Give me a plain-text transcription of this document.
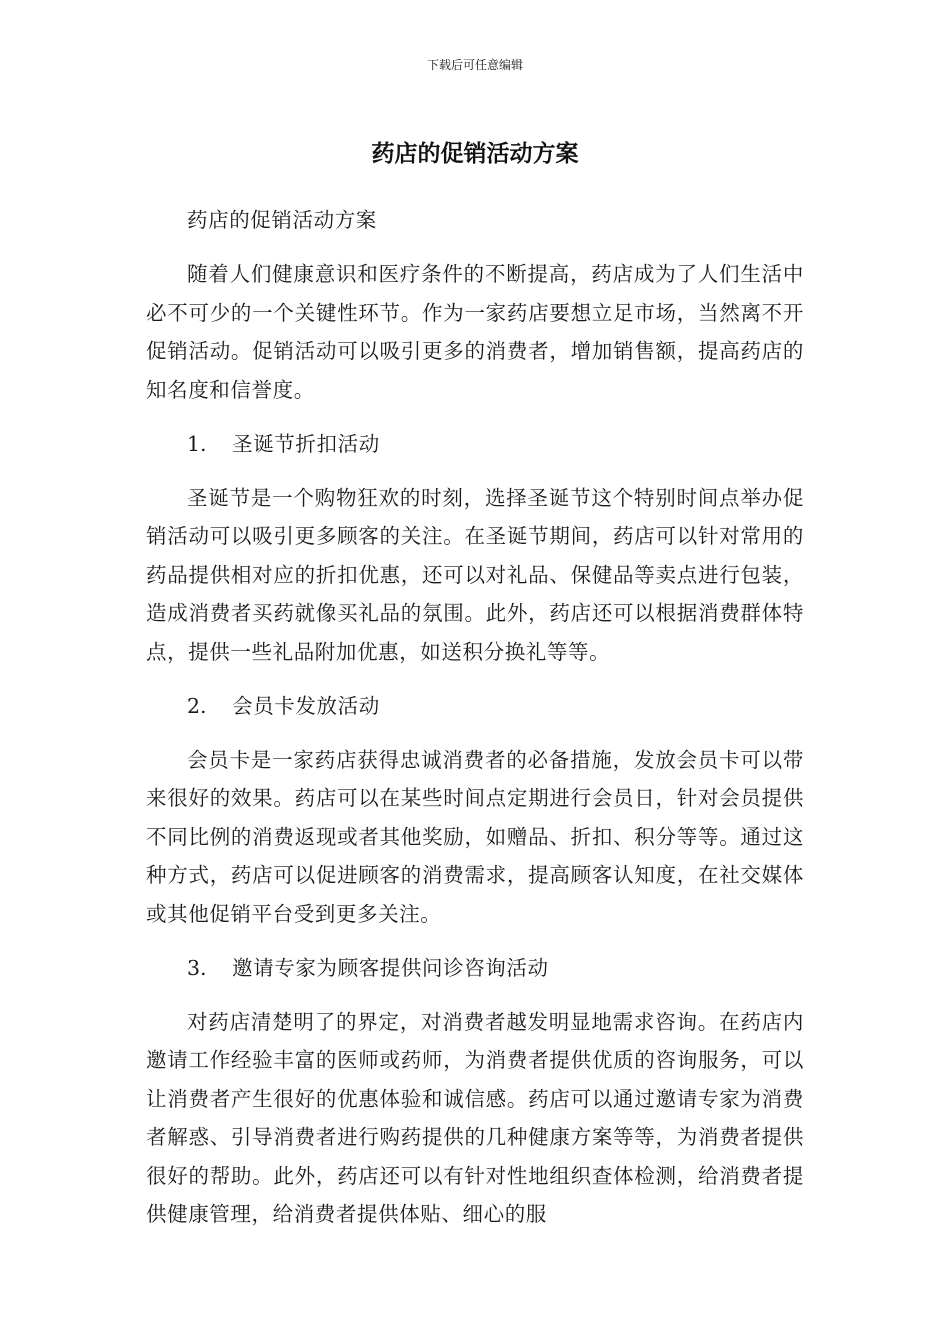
下载后可任意编辑
药店的促销活动方案

药店的促销活动方案

随着人们健康意识和医疗条件的不断提高，药店成为了人们生活中必不可少的一个关键性环节。作为一家药店要想立足市场，当然离不开促销活动。促销活动可以吸引更多的消费者，增加销售额，提高药店的知名度和信誉度。

1. 圣诞节折扣活动

圣诞节是一个购物狂欢的时刻，选择圣诞节这个特别时间点举办促销活动可以吸引更多顾客的关注。在圣诞节期间，药店可以针对常用的药品提供相对应的折扣优惠，还可以对礼品、保健品等卖点进行包装，造成消费者买药就像买礼品的氛围。此外，药店还可以根据消费群体特点，提供一些礼品附加优惠，如送积分换礼等等。

2. 会员卡发放活动

会员卡是一家药店获得忠诚消费者的必备措施，发放会员卡可以带来很好的效果。药店可以在某些时间点定期进行会员日，针对会员提供不同比例的消费返现或者其他奖励，如赠品、折扣、积分等等。通过这种方式，药店可以促进顾客的消费需求，提高顾客认知度，在社交媒体或其他促销平台受到更多关注。

3. 邀请专家为顾客提供问诊咨询活动

对药店清楚明了的界定，对消费者越发明显地需求咨询。在药店内邀请工作经验丰富的医师或药师，为消费者提供优质的咨询服务，可以让消费者产生很好的优惠体验和诚信感。药店可以通过邀请专家为消费者解惑、引导消费者进行购药提供的几种健康方案等等，为消费者提供很好的帮助。此外，药店还可以有针对性地组织查体检测，给消费者提供健康管理，给消费者提供体贴、细心的服
